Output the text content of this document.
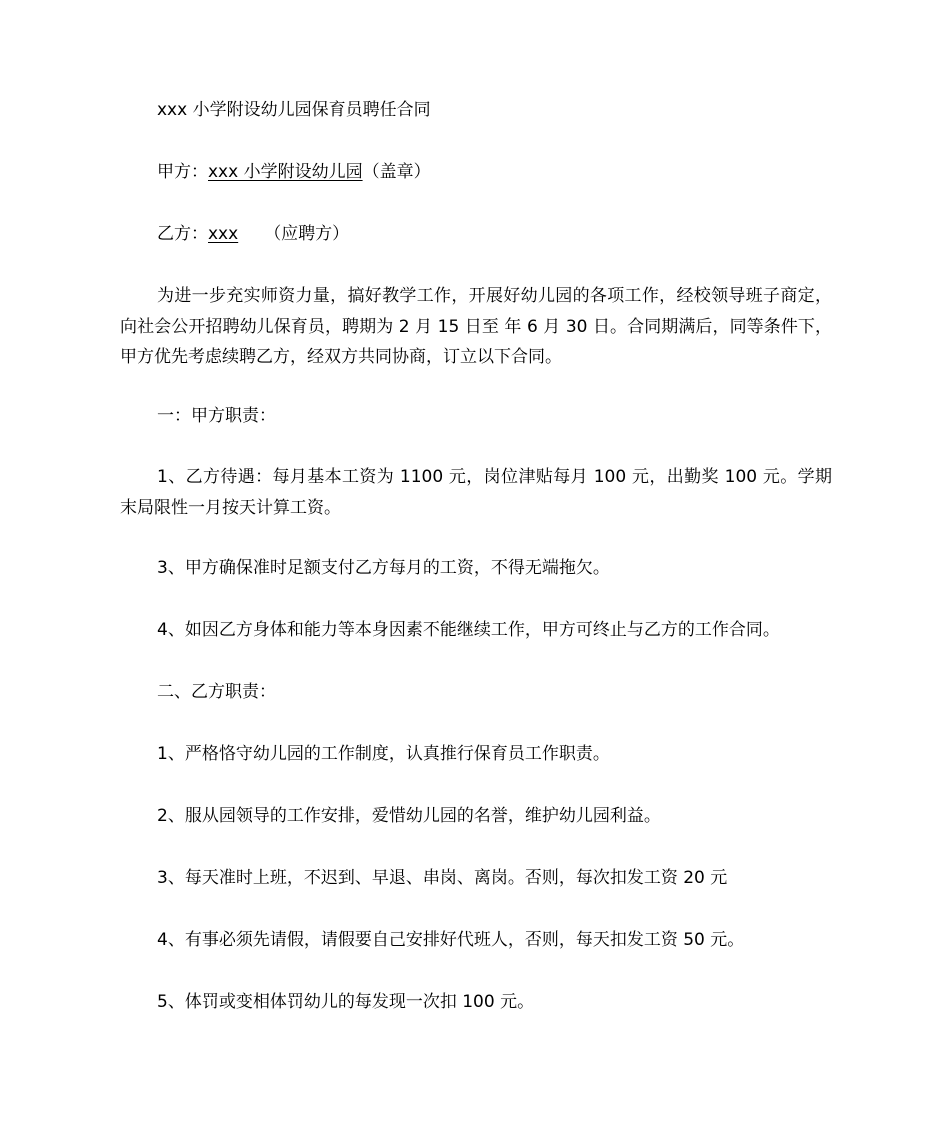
xxx 小学附设幼儿园保育员聘任合同
甲方：xxx 小学附设幼儿园（盖章）
乙方：xxx （应聘方）
为进一步充实师资力量，搞好教学工作，开展好幼儿园的各项工作，经校领导班子商定，向社会公开招聘幼儿保育员，聘期为 2 月 15 日至 年 6 月 30 日。合同期满后，同等条件下，甲方优先考虑续聘乙方，经双方共同协商，订立以下合同。
一：甲方职责：
1、乙方待遇：每月基本工资为 1100 元，岗位津贴每月 100 元，出勤奖 100 元。学期末局限性一月按天计算工资。
3、甲方确保准时足额支付乙方每月的工资，不得无端拖欠。
4、如因乙方身体和能力等本身因素不能继续工作，甲方可终止与乙方的工作合同。
二、乙方职责：
1、严格恪守幼儿园的工作制度，认真推行保育员工作职责。
2、服从园领导的工作安排，爱惜幼儿园的名誉，维护幼儿园利益。
3、每天准时上班，不迟到、早退、串岗、离岗。否则，每次扣发工资 20 元
4、有事必须先请假，请假要自己安排好代班人，否则，每天扣发工资 50 元。
5、体罚或变相体罚幼儿的每发现一次扣 100 元。
